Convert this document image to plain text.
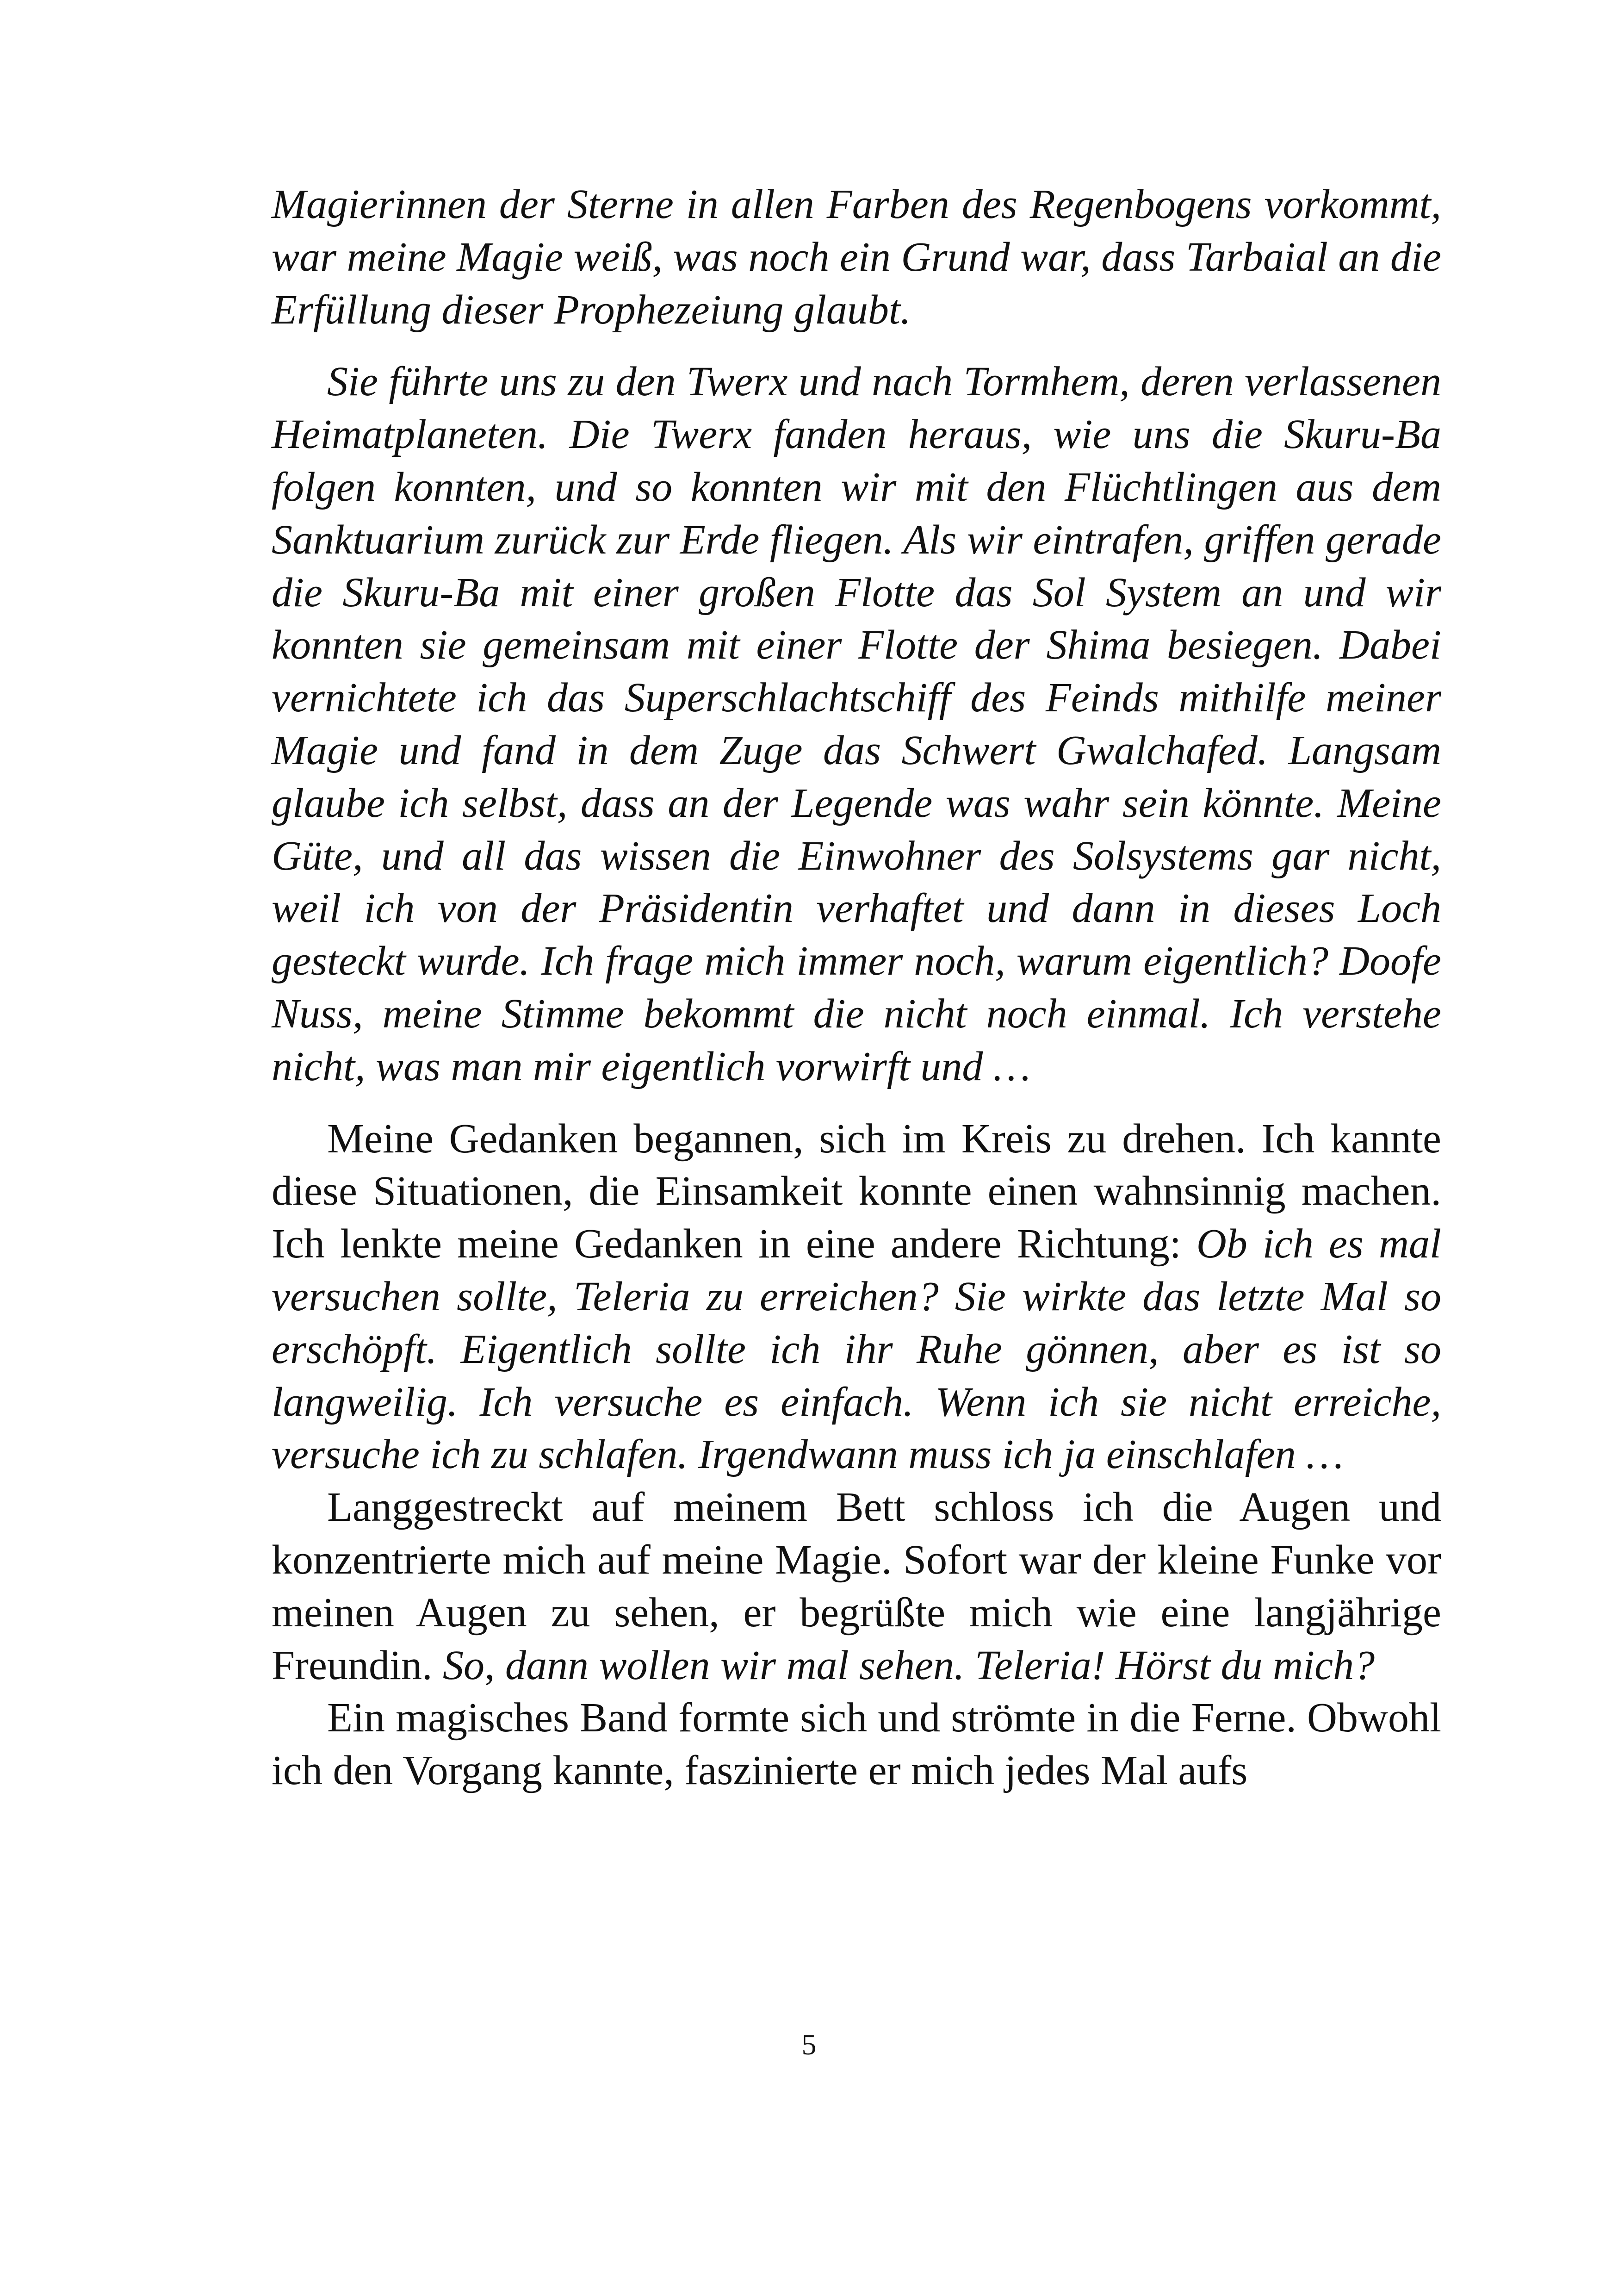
Magierinnen der Sterne in allen Farben des Regenbogens vorkommt, war meine Magie weiß, was noch ein Grund war, dass Tarbaial an die Erfüllung dieser Prophezeiung glaubt.

Sie führte uns zu den Twerx und nach Tormhem, deren verlassenen Heimatplaneten. Die Twerx fanden heraus, wie uns die Skuru-Ba folgen konnten, und so konnten wir mit den Flüchtlingen aus dem Sanktuarium zurück zur Erde fliegen. Als wir eintrafen, griffen gerade die Skuru-Ba mit einer großen Flotte das Sol System an und wir konnten sie gemeinsam mit einer Flotte der Shima besiegen. Dabei vernichtete ich das Superschlachtschiff des Feinds mithilfe meiner Magie und fand in dem Zuge das Schwert Gwalchafed. Langsam glaube ich selbst, dass an der Legende was wahr sein könnte. Meine Güte, und all das wissen die Einwohner des Solsystems gar nicht, weil ich von der Präsidentin verhaftet und dann in dieses Loch gesteckt wurde. Ich frage mich immer noch, warum eigentlich? Doofe Nuss, meine Stimme bekommt die nicht noch einmal. Ich verstehe nicht, was man mir eigentlich vorwirft und …

Meine Gedanken begannen, sich im Kreis zu drehen. Ich kannte diese Situationen, die Einsamkeit konnte einen wahnsinnig machen. Ich lenkte meine Gedanken in eine andere Richtung: Ob ich es mal versuchen sollte, Teleria zu erreichen? Sie wirkte das letzte Mal so erschöpft. Eigentlich sollte ich ihr Ruhe gönnen, aber es ist so langweilig. Ich versuche es einfach. Wenn ich sie nicht erreiche, versuche ich zu schlafen. Irgendwann muss ich ja einschlafen …

Langgestreckt auf meinem Bett schloss ich die Augen und konzentrierte mich auf meine Magie. Sofort war der kleine Funke vor meinen Augen zu sehen, er begrüßte mich wie eine langjährige Freundin. So, dann wollen wir mal sehen. Teleria! Hörst du mich?

Ein magisches Band formte sich und strömte in die Ferne. Obwohl ich den Vorgang kannte, faszinierte er mich jedes Mal aufs

5
